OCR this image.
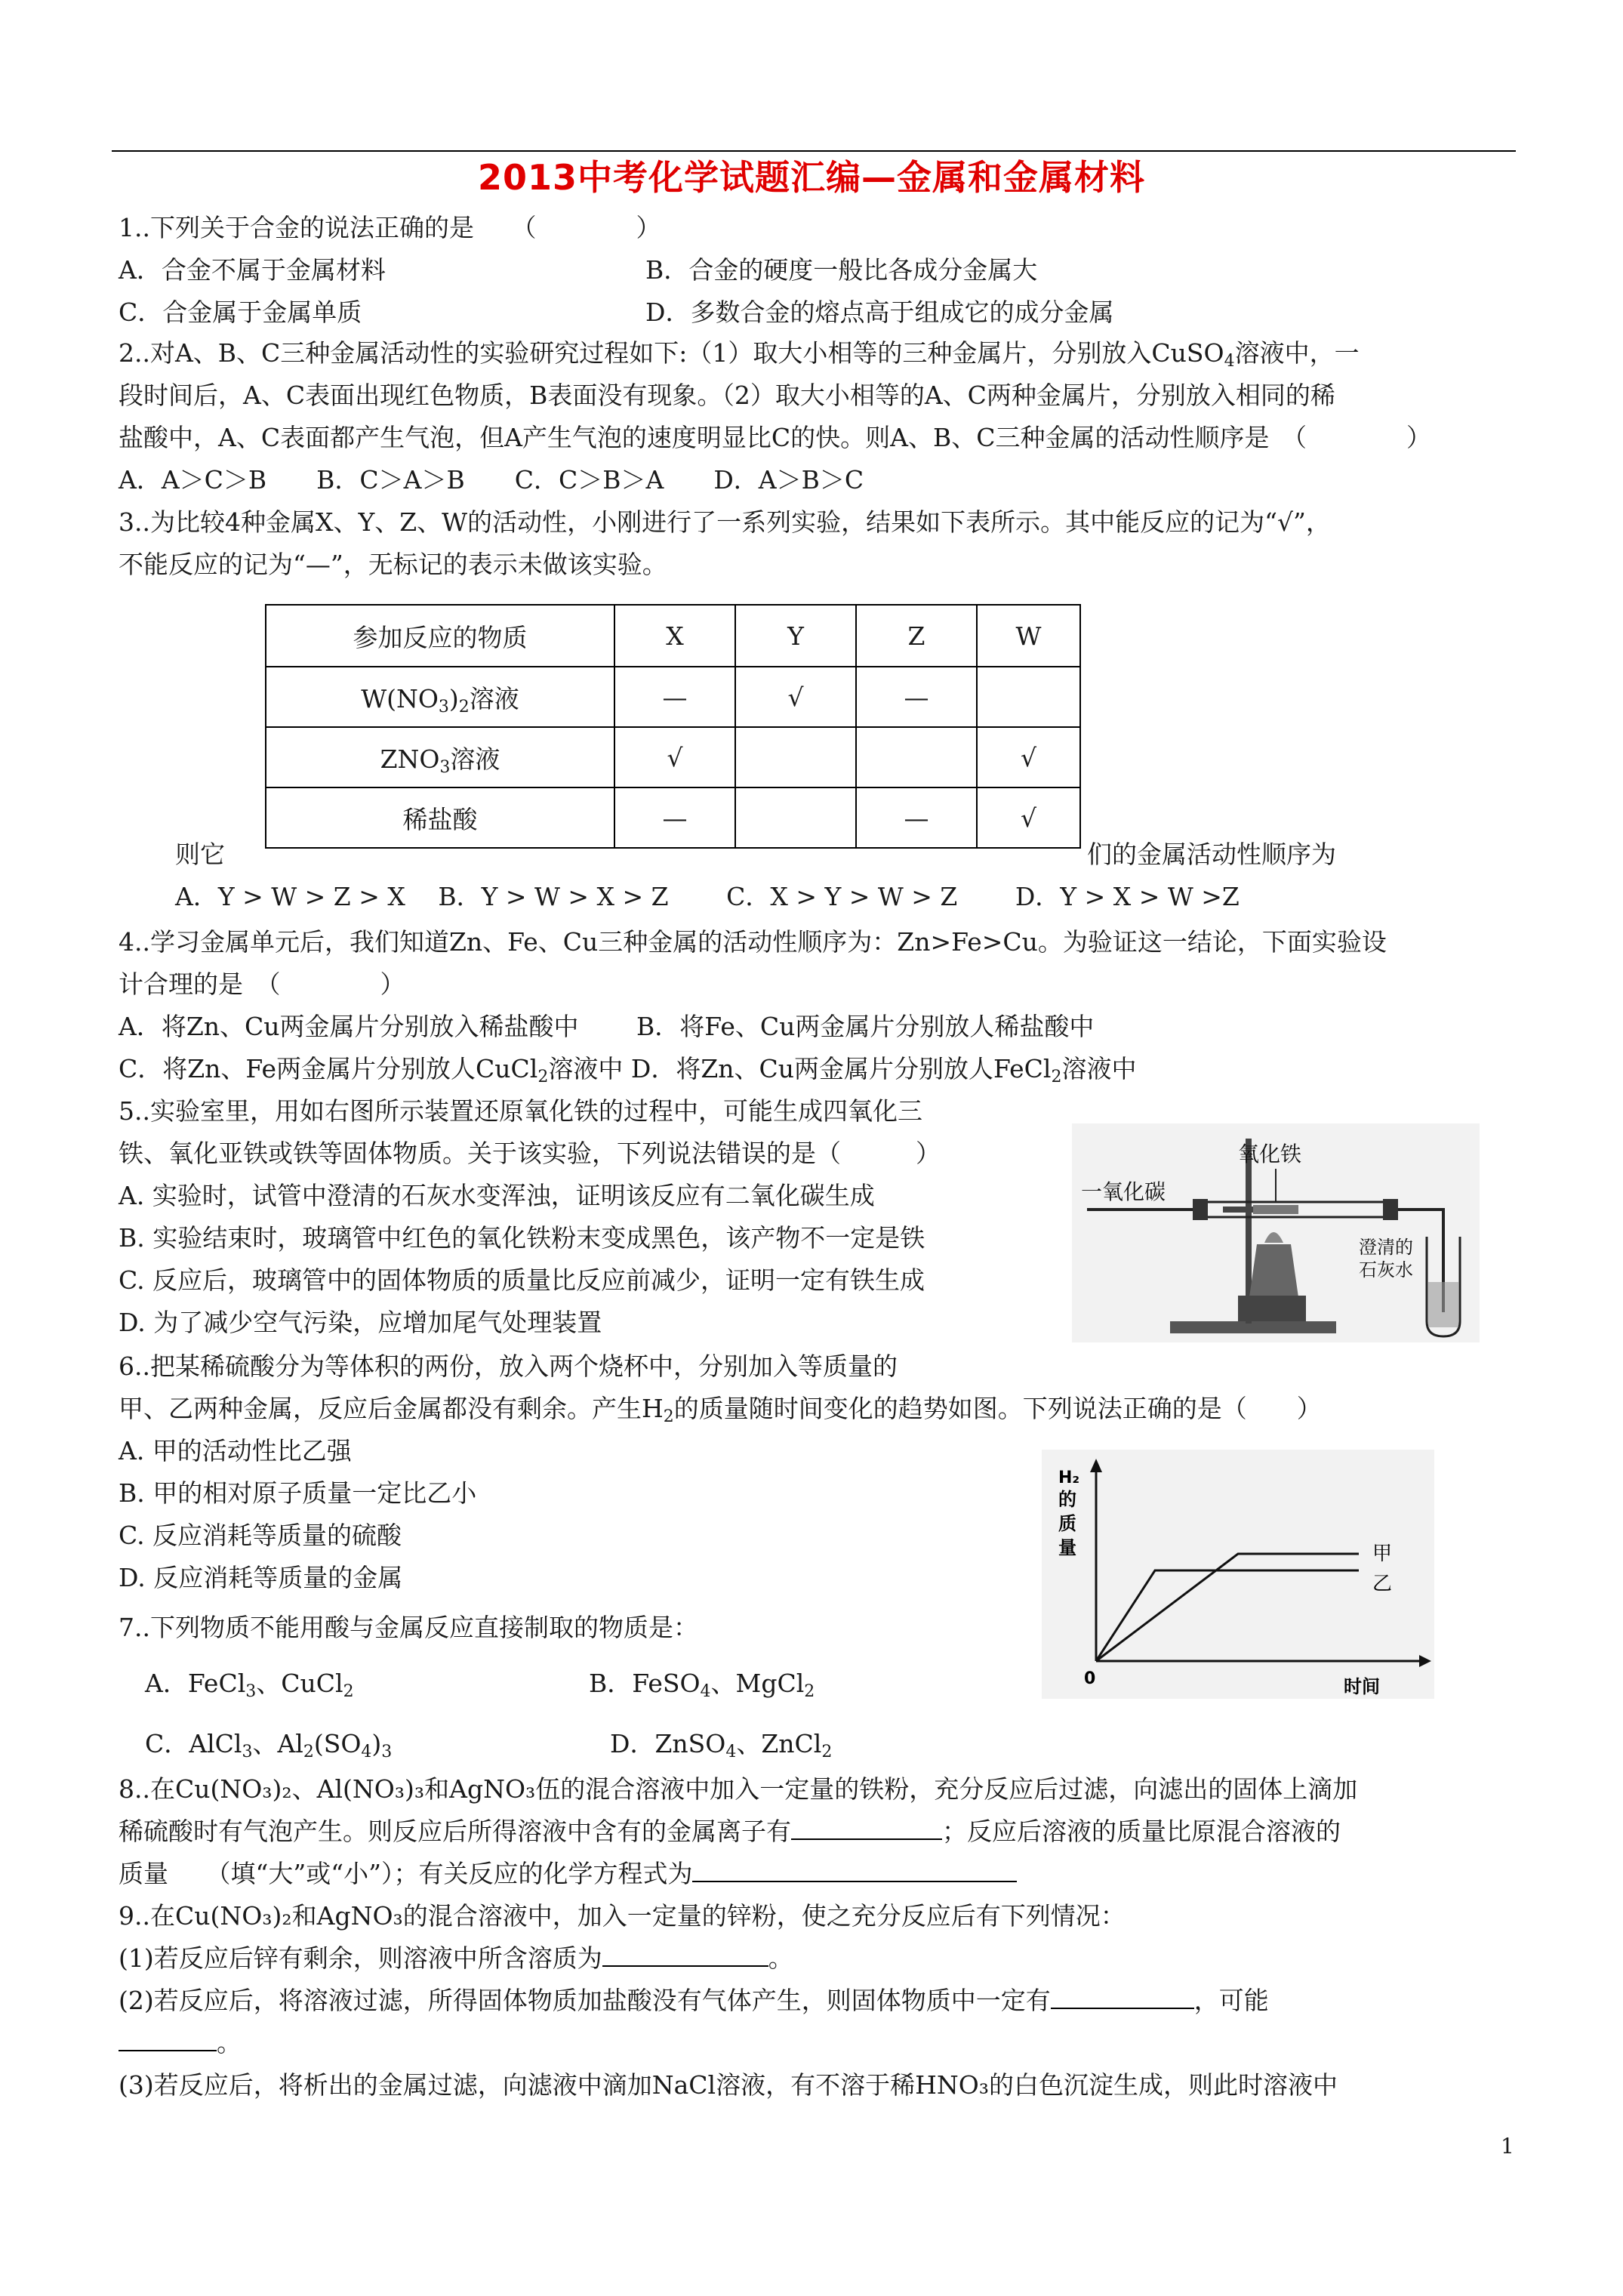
2013中考化学试题汇编—金属和金属材料
1..下列关于合金的说法正确的是　　（　　　　）
A．合金不属于金属材料	B．合金的硬度一般比各成分金属大
C．合金属于金属单质	D．多数合金的熔点高于组成它的成分金属
2..对A、B、C三种金属活动性的实验研究过程如下:（1）取大小相等的三种金属片，分别放入CuSO$_4$溶液中，一
段时间后，A、C表面出现红色物质，B表面没有现象。（2）取大小相等的A、C两种金属片，分别放入相同的稀
盐酸中，A、C表面都产生气泡，但A产生气泡的速度明显比C的快。则A、B、C三种金属的活动性顺序是　（　　　　）
A．A＞C＞B　　B．C＞A＞B　　C．C＞B＞A　　D．A＞B＞C
3..为比较4种金属X、Y、Z、W的活动性，小刚进行了一系列实验，结果如下表所示。其中能反应的记为“√”，
不能反应的记为“—”，无标记的表示未做该实验。
参加反应的物质	X	Y	Z	W
$W(NO_3)_2$溶液	—	√	—	
$ZNO_3$溶液	√			√
稀盐酸	—		—	√
则它	们的金属活动性顺序为
A．Y > W > Z > X　 B．Y > W > X > Z　　 C．X > Y > W > Z　　 D．Y > X > W >Z
4..学习金属单元后，我们知道Zn、Fe、Cu三种金属的活动性顺序为：Zn>Fe>Cu。为验证这一结论，下面实验设
计合理的是　（　　　　）
A．将Zn、Cu两金属片分别放入稀盐酸中　　 B．将Fe、Cu两金属片分别放人稀盐酸中
C．将Zn、Fe两金属片分别放人CuCl$_2$溶液中 D．将Zn、Cu两金属片分别放人FeCl$_2$溶液中
5..实验室里，用如右图所示装置还原氧化铁的过程中，可能生成四氧化三
铁、氧化亚铁或铁等固体物质。关于该实验，下列说法错误的是（　　　）
A. 实验时，试管中澄清的石灰水变浑浊，证明该反应有二氧化碳生成
B. 实验结束时，玻璃管中红色的氧化铁粉末变成黑色，该产物不一定是铁
C. 反应后，玻璃管中的固体物质的质量比反应前减少，证明一定有铁生成
D. 为了减少空气污染，应增加尾气处理装置
氧化铁
一氧化碳
澄清的
石灰水
6..把某稀硫酸分为等体积的两份，放入两个烧杯中，分别加入等质量的
甲、乙两种金属，反应后金属都没有剩余。产生$H_2$的质量随时间变化的趋势如图。下列说法正确的是（　　）
A. 甲的活动性比乙强
B. 甲的相对原子质量一定比乙小
C. 反应消耗等质量的硫酸
D. 反应消耗等质量的金属
H₂
的
质
量
0	时间
甲
乙
7..下列物质不能用酸与金属反应直接制取的物质是：
A．FeCl$_3$、CuCl$_2$	B．FeSO$_4$、MgCl$_2$
C．AlCl$_3$、$Al_2(SO_4)_3$	D．ZnSO$_4$、ZnCl$_2$
8..在Cu(NO₃)₂、Al(NO₃)₃和AgNO₃伍的混合溶液中加入一定量的铁粉，充分反应后过滤，向滤出的固体上滴加
稀硫酸时有气泡产生。则反应后所得溶液中含有的金属离子有	；反应后溶液的质量比原混合溶液的
质量　　（填“大”或“小”）；有关反应的化学方程式为
9..在Cu(NO₃)₂和AgNO₃的混合溶液中，加入一定量的锌粉，使之充分反应后有下列情况：
(1)若反应后锌有剩余，则溶液中所含溶质为	。
(2)若反应后，将溶液过滤，所得固体物质加盐酸没有气体产生，则固体物质中一定有	，可能
。
(3)若反应后，将析出的金属过滤，向滤液中滴加NaCl溶液，有不溶于稀HNO₃的白色沉淀生成，则此时溶液中
1
